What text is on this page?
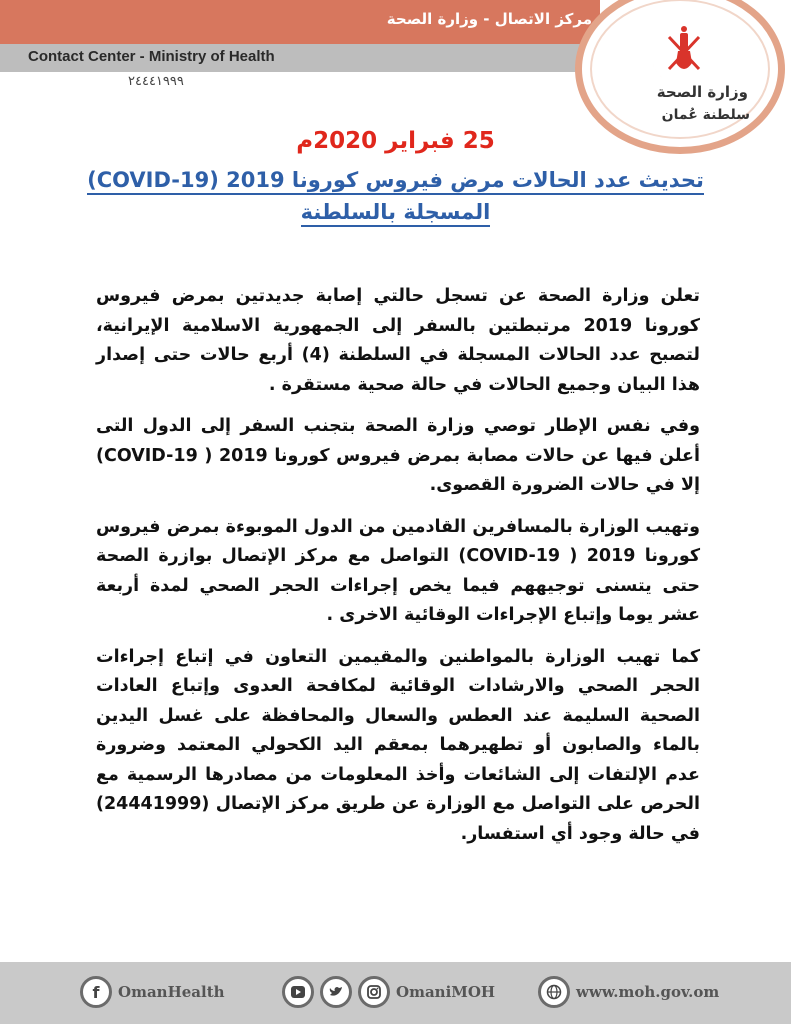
مركز الاتصال - وزارة الصحة
Contact Center - Ministry of Health
٢٤٤٤١٩٩٩
وزارة الصحة
سلطنة عُمان
25 فبراير 2020م
تحديث عدد الحالات مرض فيروس كورونا 2019 (COVID-19)
المسجلة بالسلطنة

تعلن وزارة الصحة عن تسجل حالتي إصابة جديدتين بمرض فيروس كورونا 2019 مرتبطتين بالسفر إلى الجمهورية الاسلامية الإيرانية، لتصبح عدد الحالات المسجلة في السلطنة (4) أربع حالات حتى إصدار هذا البيان وجميع الحالات في حالة صحية مستقرة .

وفي نفس الإطار توصي وزارة الصحة بتجنب السفر إلى الدول التى أعلن فيها عن حالات مصابة بمرض فيروس كورونا 2019 ( COVID-19) إلا في حالات الضرورة القصوى.

وتهيب الوزارة بالمسافرين القادمين من الدول الموبوءة بمرض فيروس كورونا 2019 ( COVID-19) التواصل مع مركز الإتصال بوازرة الصحة حتى يتسنى توجيههم فيما يخص إجراءات الحجر الصحي لمدة أربعة عشر يوما وإتباع الإجراءات الوقائية الاخرى .

كما تهيب الوزارة بالمواطنين والمقيمين التعاون في إتباع إجراءات الحجر الصحي والارشادات الوقائية لمكافحة العدوى وإتباع العادات الصحية السليمة عند العطس والسعال والمحافظة على غسل اليدين بالماء والصابون أو تطهيرهما بمعقم اليد الكحولي المعتمد وضرورة عدم الإلتفات إلى الشائعات وأخذ المعلومات من مصادرها الرسمية مع الحرص على التواصل مع الوزارة عن طريق مركز الإتصال (24441999) في حالة وجود أي استفسار.

f	OmanHealth	OmaniMOH	www.moh.gov.om
